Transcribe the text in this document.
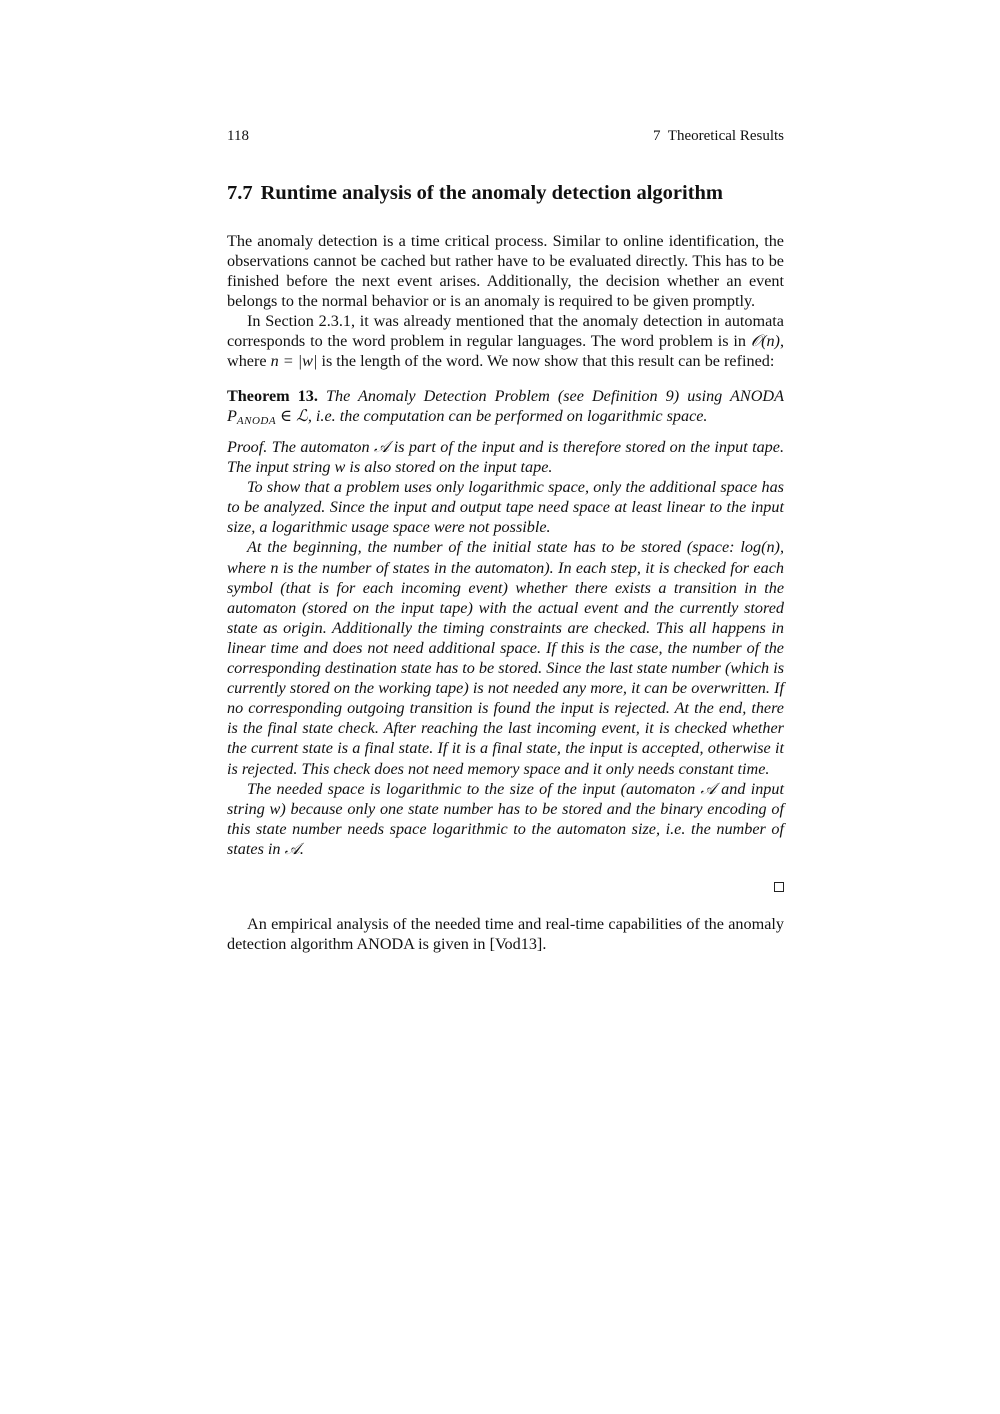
118	7  Theoretical Results
7.7 Runtime analysis of the anomaly detection algorithm

The anomaly detection is a time critical process. Similar to online identification, the observations cannot be cached but rather have to be evaluated directly. This has to be finished before the next event arises. Additionally, the decision whether an event belongs to the normal behavior or is an anomaly is required to be given promptly.

In Section 2.3.1, it was already mentioned that the anomaly detection in automata corresponds to the word problem in regular languages. The word problem is in 𝒪(n), where n = |w| is the length of the word. We now show that this result can be refined:

Theorem 13. The Anomaly Detection Problem (see Definition 9) using ANODA $P_{ANODA}$ ∈ ℒ, i.e. the computation can be performed on logarithmic space.

Proof. The automaton 𝒜 is part of the input and is therefore stored on the input tape. The input string w is also stored on the input tape.

To show that a problem uses only logarithmic space, only the additional space has to be analyzed. Since the input and output tape need space at least linear to the input size, a logarithmic usage space were not possible.

At the beginning, the number of the initial state has to be stored (space: log(n), where n is the number of states in the automaton). In each step, it is checked for each symbol (that is for each incoming event) whether there exists a transition in the automaton (stored on the input tape) with the actual event and the currently stored state as origin. Additionally the timing constraints are checked. This all happens in linear time and does not need additional space. If this is the case, the number of the corresponding destination state has to be stored. Since the last state number (which is currently stored on the working tape) is not needed any more, it can be overwritten. If no corresponding outgoing transition is found the input is rejected. At the end, there is the final state check. After reaching the last incoming event, it is checked whether the current state is a final state. If it is a final state, the input is accepted, otherwise it is rejected. This check does not need memory space and it only needs constant time.

The needed space is logarithmic to the size of the input (automaton 𝒜 and input string w) because only one state number has to be stored and the binary encoding of this state number needs space logarithmic to the automaton size, i.e. the number of states in 𝒜.

An empirical analysis of the needed time and real-time capabilities of the anomaly detection algorithm ANODA is given in [Vod13].
